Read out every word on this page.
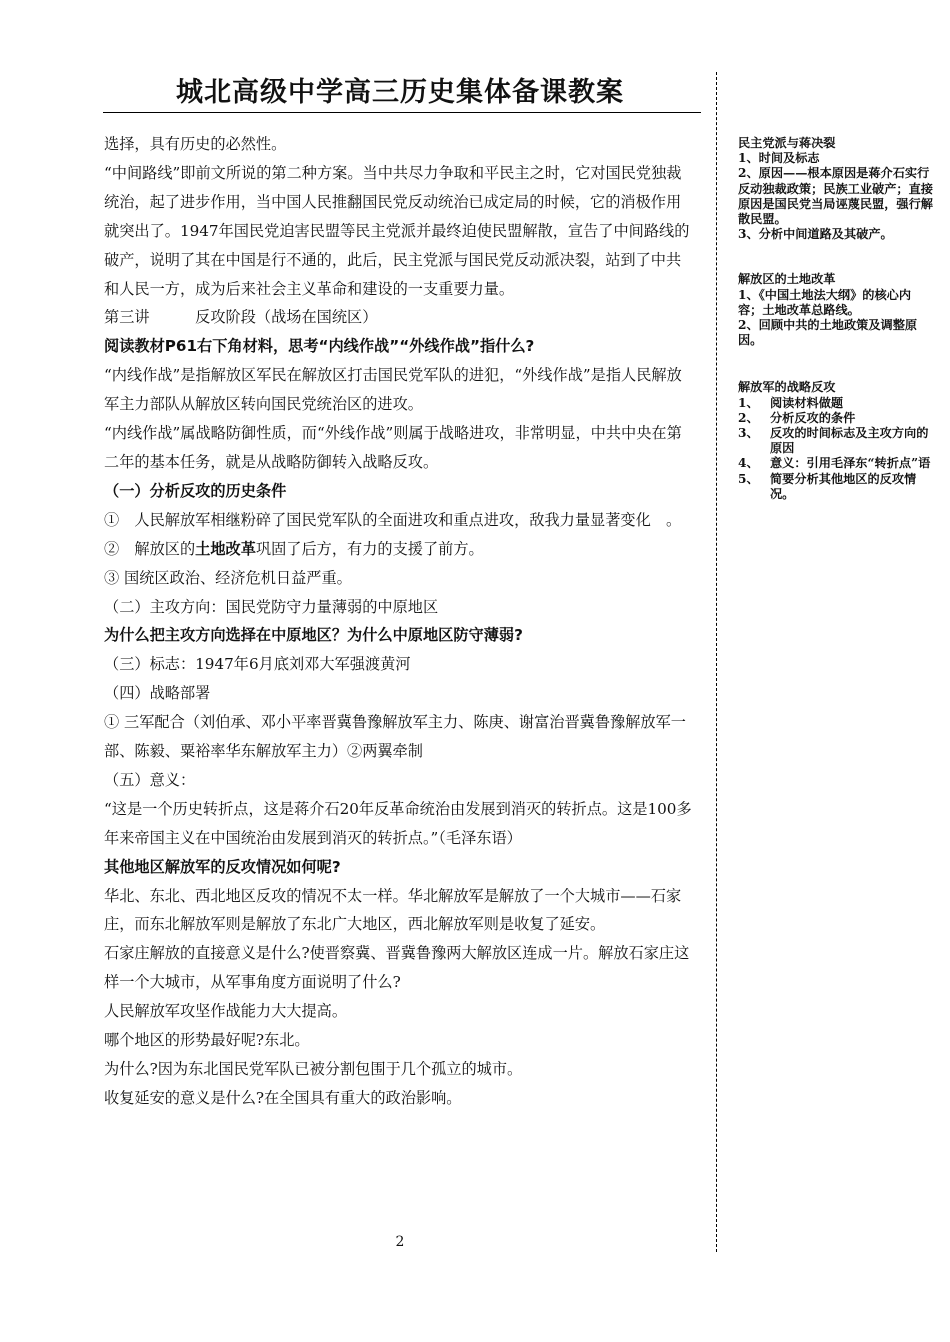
城北高级中学高三历史集体备课教案

选择，具有历史的必然性。

“中间路线”即前文所说的第二种方案。当中共尽力争取和平民主之时，它对国民党独裁统治，起了进步作用，当中国人民推翻国民党反动统治已成定局的时候，它的消极作用就突出了。1947年国民党迫害民盟等民主党派并最终迫使民盟解散，宣告了中间路线的破产，说明了其在中国是行不通的，此后，民主党派与国民党反动派决裂，站到了中共和人民一方，成为后来社会主义革命和建设的一支重要力量。

第三讲　　　反攻阶段（战场在国统区）

阅读教材P61右下角材料，思考“内线作战”“外线作战”指什么?

“内线作战”是指解放区军民在解放区打击国民党军队的进犯，“外线作战”是指人民解放军主力部队从解放区转向国民党统治区的进攻。

“内线作战”属战略防御性质，而“外线作战”则属于战略进攻，非常明显，中共中央在第二年的基本任务，就是从战略防御转入战略反攻。

（一）分析反攻的历史条件

①　人民解放军相继粉碎了国民党军队的全面进攻和重点进攻，敌我力量显著变化　。

②　解放区的土地改革巩固了后方，有力的支援了前方。

③ 国统区政治、经济危机日益严重。

（二）主攻方向：国民党防守力量薄弱的中原地区

为什么把主攻方向选择在中原地区？为什么中原地区防守薄弱?

（三）标志：1947年6月底刘邓大军强渡黄河

（四）战略部署

① 三军配合（刘伯承、邓小平率晋冀鲁豫解放军主力、陈庚、谢富治晋冀鲁豫解放军一部、陈毅、粟裕率华东解放军主力）②两翼牵制

（五）意义：

“这是一个历史转折点，这是蒋介石20年反革命统治由发展到消灭的转折点。这是100多年来帝国主义在中国统治由发展到消灭的转折点。”（毛泽东语）

其他地区解放军的反攻情况如何呢?

华北、东北、西北地区反攻的情况不太一样。华北解放军是解放了一个大城市——石家庄，而东北解放军则是解放了东北广大地区，西北解放军则是收复了延安。

石家庄解放的直接意义是什么?使晋察冀、晋冀鲁豫两大解放区连成一片。解放石家庄这样一个大城市，从军事角度方面说明了什么?

人民解放军攻坚作战能力大大提高。

哪个地区的形势最好呢?东北。

为什么?因为东北国民党军队已被分割包围于几个孤立的城市。

收复延安的意义是什么?在全国具有重大的政治影响。

民主党派与蒋决裂

1、时间及标志

2、原因——根本原因是蒋介石实行反动独裁政策；民族工业破产；直接原因是国民党当局诬蔑民盟，强行解散民盟。

3、分析中间道路及其破产。

解放区的土地改革

1、《中国土地法大纲》的核心内容；土地改革总路线。

2、回顾中共的土地政策及调整原因。

解放军的战略反攻

1、 阅读材料做题
2、 分析反攻的条件
3、 反攻的时间标志及主攻方向的原因
4、 意义：引用毛泽东“转折点”语
5、 简要分析其他地区的反攻情况。
2
